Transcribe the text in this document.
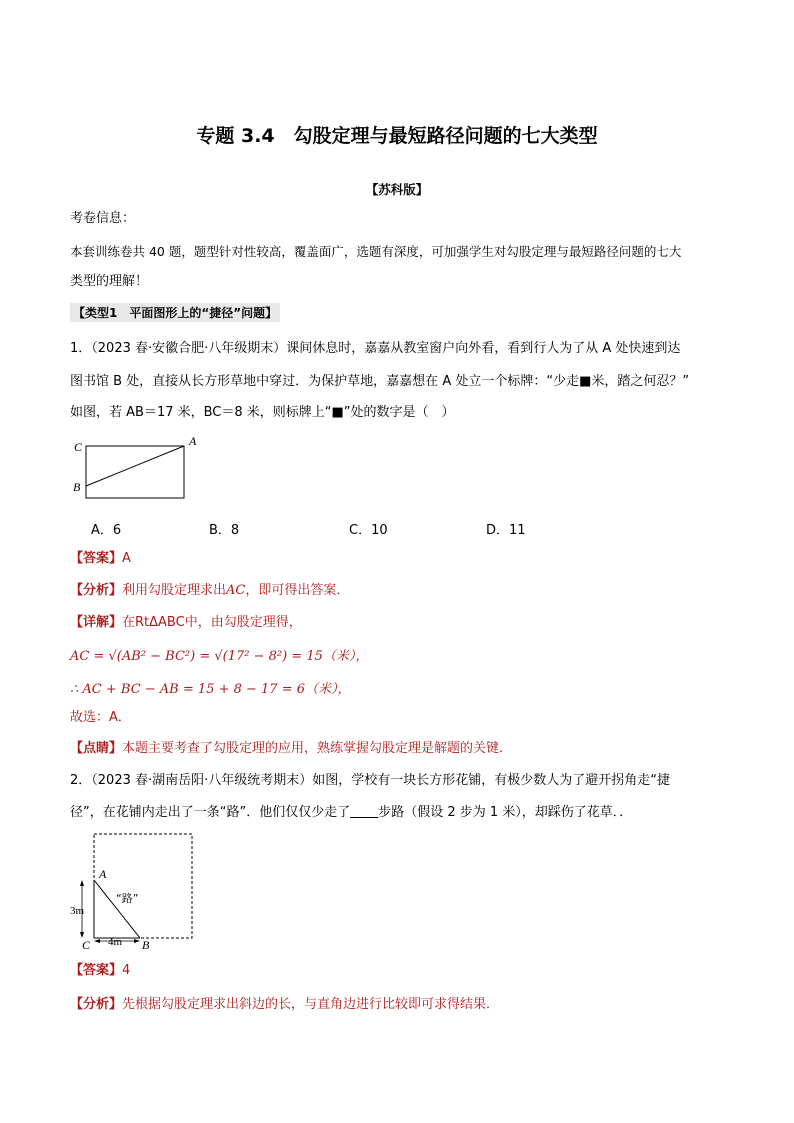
专题 3.4　勾股定理与最短路径问题的七大类型
【苏科版】
考卷信息：
本套训练卷共 40 题，题型针对性较高，覆盖面广，选题有深度，可加强学生对勾股定理与最短路径问题的七大
类型的理解！
【类型1　平面图形上的“捷径”问题】
1．（2023 春·安徽合肥·八年级期末）课间休息时，嘉嘉从教室窗户向外看，看到行人为了从 A 处快速到达
图书馆 B 处，直接从长方形草地中穿过．为保护草地，嘉嘉想在 A 处立一个标牌：“少走■米，踏之何忍？”
如图，若 AB＝17 米，BC＝8 米，则标牌上“■”处的数字是（　）
C	A
B
A．6	B．8	C．10	D．11
【答案】A
【分析】利用勾股定理求出AC，即可得出答案．
【详解】在RtΔABC中，由勾股定理得，
AC = √(AB² − BC²) = √(17² − 8²) = 15（米），
∴ AC + BC − AB = 15 + 8 − 17 = 6（米），
故选：A．
【点睛】本题主要考查了勾股定理的应用，熟练掌握勾股定理是解题的关键．
2．（2023 春·湖南岳阳·八年级统考期末）如图，学校有一块长方形花铺，有极少数人为了避开拐角走“捷
径”，在花铺内走出了一条“路”．他们仅仅少走了 步路（假设 2 步为 1 米），却踩伤了花草．．
A
C	B
“路”
3m
4m
【答案】4
【分析】先根据勾股定理求出斜边的长，与直角边进行比较即可求得结果．
